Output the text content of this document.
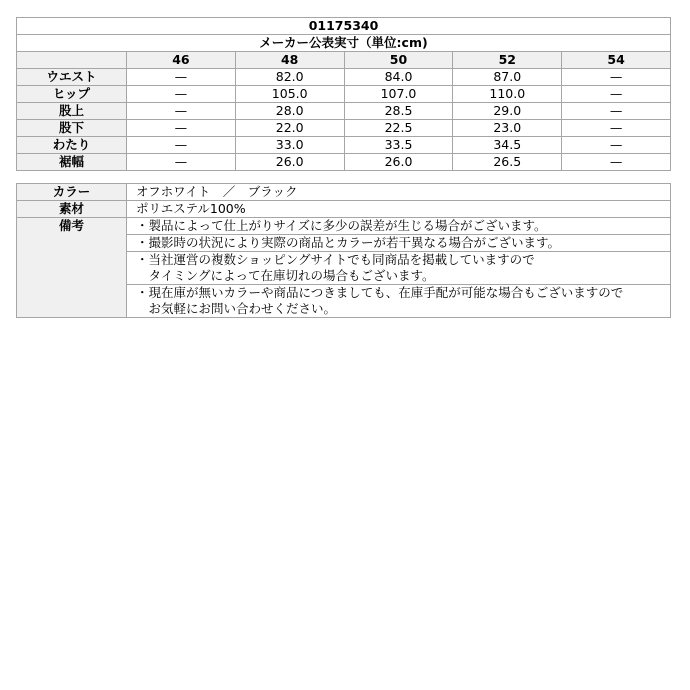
01175340					
メーカー公表実寸（単位:cm)					
	46	48	50	52	54
ウエスト	—	82.0	84.0	87.0	—
ヒップ	—	105.0	107.0	110.0	—
股上	—	28.0	28.5	29.0	—
股下	—	22.0	22.5	23.0	—
わたり	—	33.0	33.5	34.5	—
裾幅	—	26.0	26.0	26.5	—
カラー	オフホワイト　／　ブラック
素材	ポリエステル100%
備考	・製品によって仕上がりサイズに多少の誤差が生じる場合がございます。

	・撮影時の状況により実際の商品とカラーが若干異なる場合がございます。

	・当社運営の複数ショッピングサイトでも同商品を掲載していますので
　タイミングによって在庫切れの場合もございます。

	・現在庫が無いカラーや商品につきましても、在庫手配が可能な場合もございますので
　お気軽にお問い合わせください。
